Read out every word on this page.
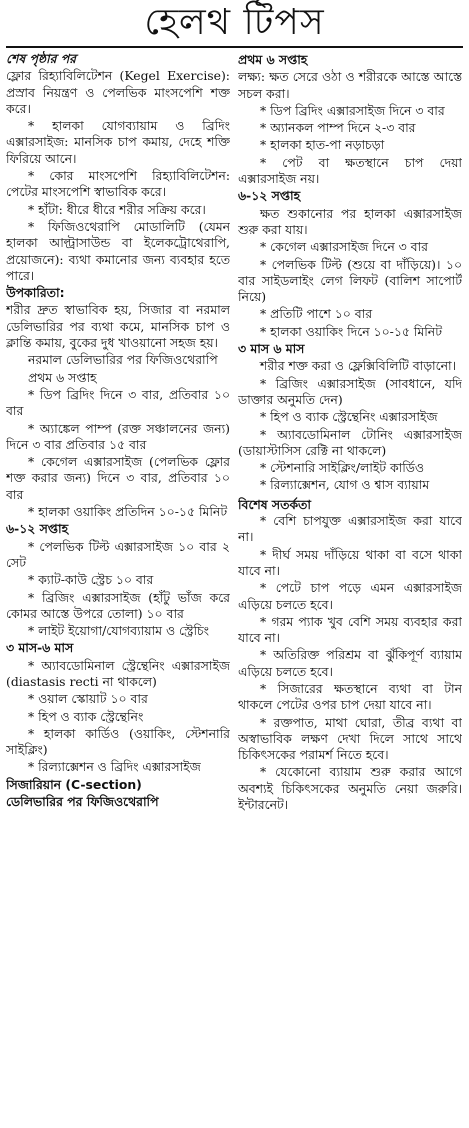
হেলথ টিপস

শেষ পৃষ্ঠার পর

ফ্লোর রিহ্যাবিলিটেশন (Kegel Exercise): প্রস্রাব নিয়ন্ত্রণ ও পেলভিক মাংসপেশি শক্ত করে।

* হালকা যোগব্যায়াম ও ব্রিদিং এক্সারসাইজ: মানসিক চাপ কমায়, দেহে শক্তি ফিরিয়ে আনে।

* কোর মাংসপেশি রিহ্যাবিলিটেশন: পেটের মাংসপেশি স্বাভাবিক করে।

* হাঁটা: ধীরে ধীরে শরীর সক্রিয় করে।

* ফিজিওথেরাপি মোডালিটি (যেমন হালকা আল্ট্রাসাউন্ড বা ইলেকট্রোথেরাপি, প্রয়োজনে): ব্যথা কমানোর জন্য ব্যবহার হতে পারে।

উপকারিতা:

শরীর দ্রুত স্বাভাবিক হয়, সিজার বা নরমাল ডেলিভারির পর ব্যথা কমে, মানসিক চাপ ও ক্লান্তি কমায়, বুকের দুধ খাওয়ানো সহজ হয়।

নরমাল ডেলিভারির পর ফিজিওথেরাপি

প্রথম ৬ সপ্তাহ

* ডিপ ব্রিদিং দিনে ৩ বার, প্রতিবার ১০ বার

* অ্যাঙ্কেল পাম্প (রক্ত সঞ্চালনের জন্য) দিনে ৩ বার প্রতিবার ১৫ বার

* কেগেল এক্সারসাইজ (পেলভিক ফ্লোর শক্ত করার জন্য) দিনে ৩ বার, প্রতিবার ১০ বার

* হালকা ওয়াকিং প্রতিদিন ১০-১৫ মিনিট

৬-১২ সপ্তাহ

* পেলভিক টিল্ট এক্সারসাইজ ১০ বার ২ সেট

* ক্যাট-কাউ স্ট্রেচ ১০ বার

* ব্রিজিং এক্সারসাইজ (হাঁটু ভাঁজ করে কোমর আস্তে উপরে তোলা) ১০ বার

* লাইট ইয়োগা/যোগব্যায়াম ও স্ট্রেচিং

৩ মাস-৬ মাস

* অ্যাবডোমিনাল স্ট্রেন্থেনিং এক্সারসাইজ (diastasis recti না থাকলে)

* ওয়াল স্কোয়াট ১০ বার

* হিপ ও ব্যাক স্ট্রেন্থেনিং

* হালকা কার্ডিও (ওয়াকিং, স্টেশনারি সাইক্লিং)

* রিল্যাক্সেশন ও ব্রিদিং এক্সারসাইজ

সিজারিয়ান (C-section)

ডেলিভারির পর ফিজিওথেরাপি

প্রথম ৬ সপ্তাহ

লক্ষ্য: ক্ষত সেরে ওঠা ও শরীরকে আস্তে আস্তে সচল করা।

* ডিপ ব্রিদিং এক্সারসাইজ দিনে ৩ বার

* অ্যানকল পাম্প দিনে ২-৩ বার

* হালকা হাত-পা নড়াচড়া

* পেট বা ক্ষতস্থানে চাপ দেয়া এক্সারসাইজ নয়।

৬-১২ সপ্তাহ

ক্ষত শুকানোর পর হালকা এক্সারসাইজ শুরু করা যায়।

* কেগেল এক্সারসাইজ দিনে ৩ বার

* পেলভিক টিল্ট (শুয়ে বা দাঁড়িয়ে)। ১০ বার সাইডলাইং লেগ লিফট (বালিশ সাপোর্ট নিয়ে)

* প্রতিটি পাশে ১০ বার

* হালকা ওয়াকিং দিনে ১০-১৫ মিনিট

৩ মাস ৬ মাস

শরীর শক্ত করা ও ফ্লেক্সিবিলিটি বাড়ানো।

* ব্রিজিং এক্সারসাইজ (সাবধানে, যদি ডাক্তার অনুমতি দেন)

* হিপ ও ব্যাক স্ট্রেন্থেনিং এক্সারসাইজ

* অ্যাবডোমিনাল টোনিং এক্সারসাইজ (ডায়াস্টাসিস রেক্টি না থাকলে)

* স্টেশনারি সাইক্লিং/লাইট কার্ডিও

* রিল্যাক্সেশন, যোগ ও শ্বাস ব্যায়াম

বিশেষ সতর্কতা

* বেশি চাপযুক্ত এক্সারসাইজ করা যাবে না।

* দীর্ঘ সময় দাঁড়িয়ে থাকা বা বসে থাকা যাবে না।

* পেটে চাপ পড়ে এমন এক্সারসাইজ এড়িয়ে চলতে হবে।

* গরম প্যাক খুব বেশি সময় ব্যবহার করা যাবে না।

* অতিরিক্ত পরিশ্রম বা ঝুঁকিপূর্ণ ব্যায়াম এড়িয়ে চলতে হবে।

* সিজারের ক্ষতস্থানে ব্যথা বা টান থাকলে পেটের ওপর চাপ দেয়া যাবে না।

* রক্তপাত, মাথা ঘোরা, তীব্র ব্যথা বা অস্বাভাবিক লক্ষণ দেখা দিলে সাথে সাথে চিকিৎসকের পরামর্শ নিতে হবে।

* যেকোনো ব্যায়াম শুরু করার আগে অবশ্যই চিকিৎসকের অনুমতি নেয়া জরুরি। ইন্টারনেট।
